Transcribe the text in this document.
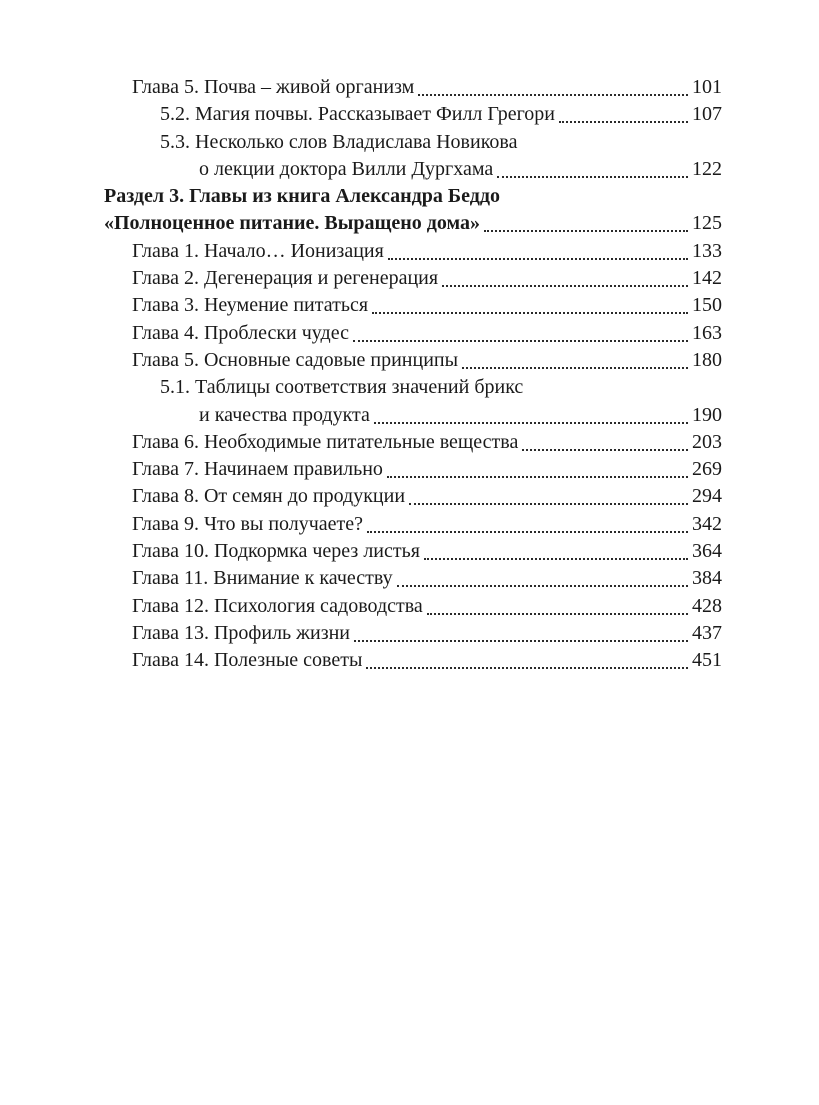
Глава 5. Почва – живой организм	101
5.2. Магия почвы. Рассказывает Филл Грегори	107
5.3. Несколько слов Владислава Новикова
о лекции доктора Вилли Дургхама	122
Раздел 3. Главы из книга Александра Беддо
«Полноценное питание. Выращено дома»	125
Глава 1. Начало… Ионизация	133
Глава 2. Дегенерация и регенерация	142
Глава 3. Неумение питаться	150
Глава 4. Проблески чудес	163
Глава 5. Основные садовые принципы	180
5.1. Таблицы соответствия значений брикс
и качества продукта	190
Глава 6. Необходимые питательные вещества	203
Глава 7. Начинаем правильно	269
Глава 8. От семян до продукции	294
Глава 9. Что вы получаете?	342
Глава 10. Подкормка через листья	364
Глава 11. Внимание к качеству	384
Глава 12. Психология садоводства	428
Глава 13. Профиль жизни	437
Глава 14. Полезные советы	451
